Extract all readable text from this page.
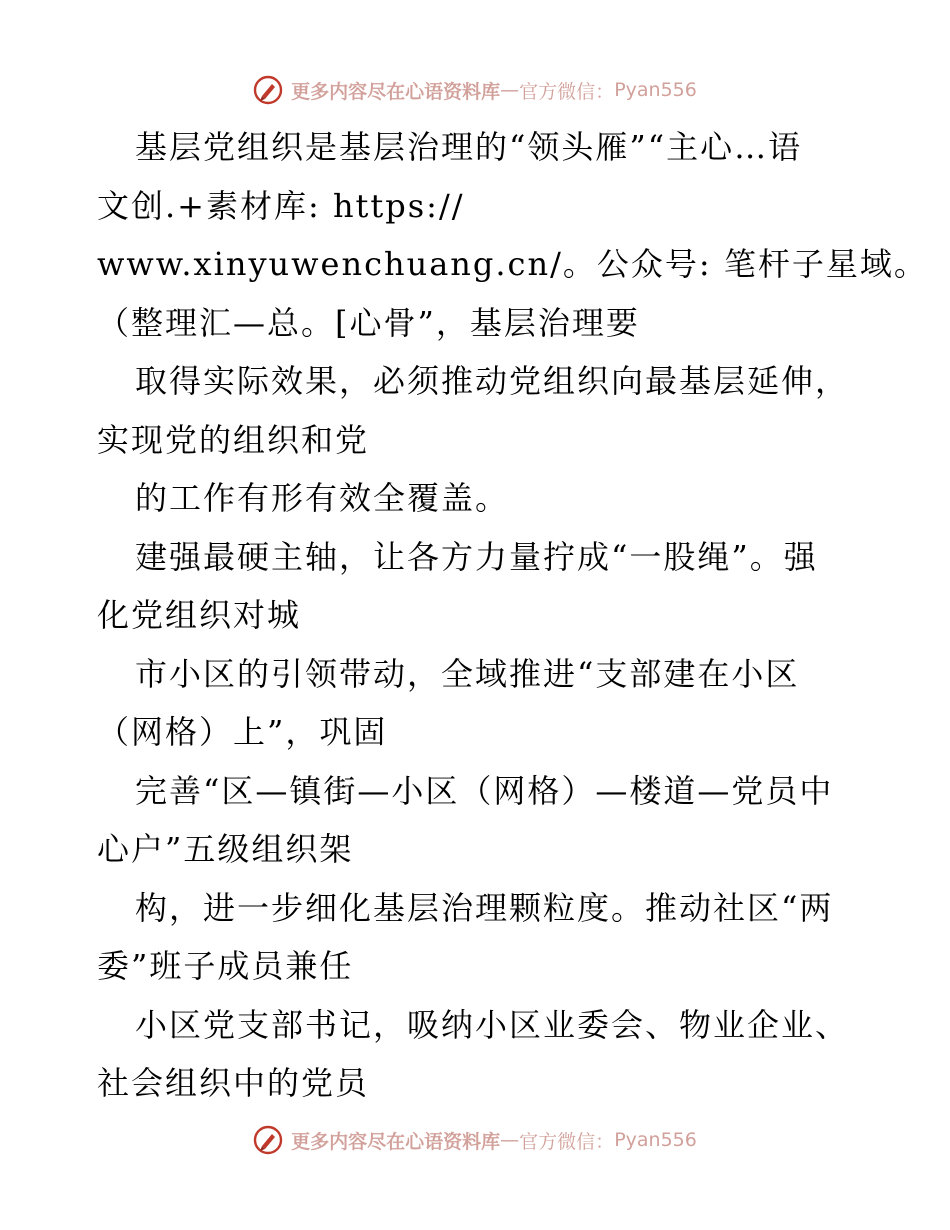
更多内容尽在心语资料库 — 官方微信： Pyan556
基层党组织是基层治理的“领头雁”“主心…语
文创.+素材库: https://
www.xinyuwenchuang.cn/。公众号: 笔杆子星域。
（整理汇—总。[心骨”，基层治理要
取得实际效果，必须推动党组织向最基层延伸，
实现党的组织和党
的工作有形有效全覆盖。
建强最硬主轴，让各方力量拧成“一股绳”。强
化党组织对城
市小区的引领带动，全域推进“支部建在小区
（网格）上”，巩固
完善“区—镇街—小区（网格）—楼道—党员中
心户”五级组织架
构，进一步细化基层治理颗粒度。推动社区“两
委”班子成员兼任
小区党支部书记，吸纳小区业委会、物业企业、
社会组织中的党员
更多内容尽在心语资料库 — 官方微信： Pyan556
